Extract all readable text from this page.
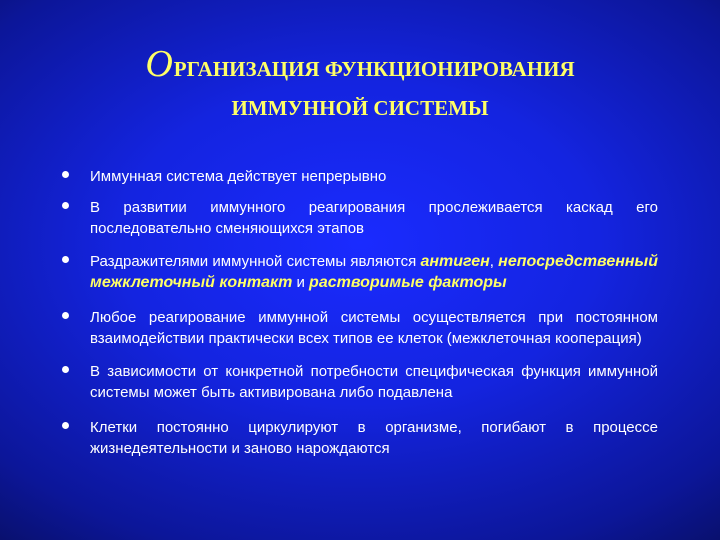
ОРГАНИЗАЦИЯ ФУНКЦИОНИРОВАНИЯ
ИММУННОЙ СИСТЕМЫ
Иммунная система действует непрерывно
В развитии иммунного реагирования прослеживается каскад его последовательно сменяющихся этапов
Раздражителями иммунной системы являются антиген, непосредственный межклеточный контакт и растворимые факторы
Любое реагирование иммунной системы осуществляется при постоянном взаимодействии практически всех типов ее клеток (межклеточная кооперация)
В зависимости от конкретной потребности специфическая функция иммунной системы может быть активирована либо подавлена
Клетки постоянно циркулируют в организме, погибают в процессе жизнедеятельности и заново нарождаются
